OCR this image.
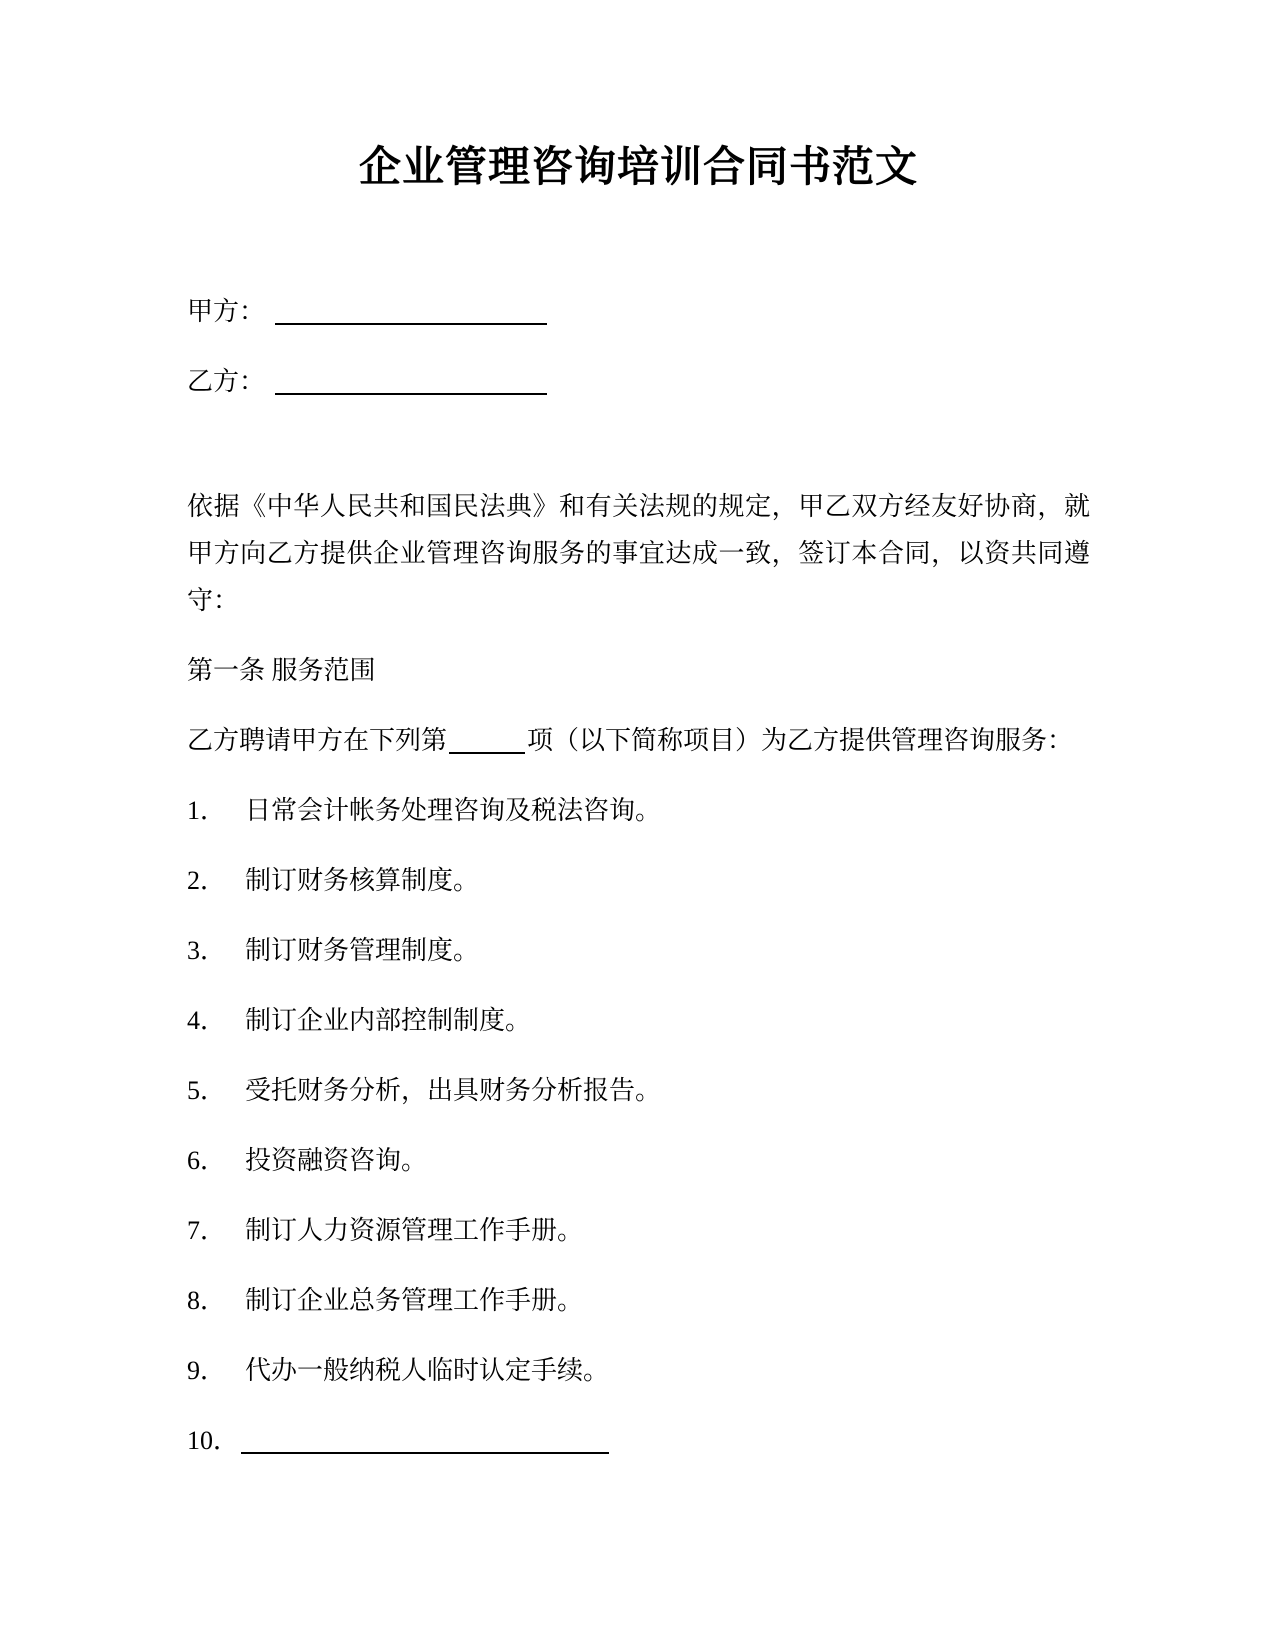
企业管理咨询培训合同书范文

甲方：

乙方：

依据《中华人民共和国民法典》和有关法规的规定，甲乙双方经友好协商，就甲方向乙方提供企业管理咨询服务的事宜达成一致，签订本合同，以资共同遵守：

第一条 服务范围

乙方聘请甲方在下列第	项（以下简称项目）为乙方提供管理咨询服务：

1． 日常会计帐务处理咨询及税法咨询。
2． 制订财务核算制度。
3． 制订财务管理制度。
4． 制订企业内部控制制度。
5． 受托财务分析，出具财务分析报告。
6． 投资融资咨询。
7． 制订人力资源管理工作手册。
8． 制订企业总务管理工作手册。
9． 代办一般纳税人临时认定手续。
10．
